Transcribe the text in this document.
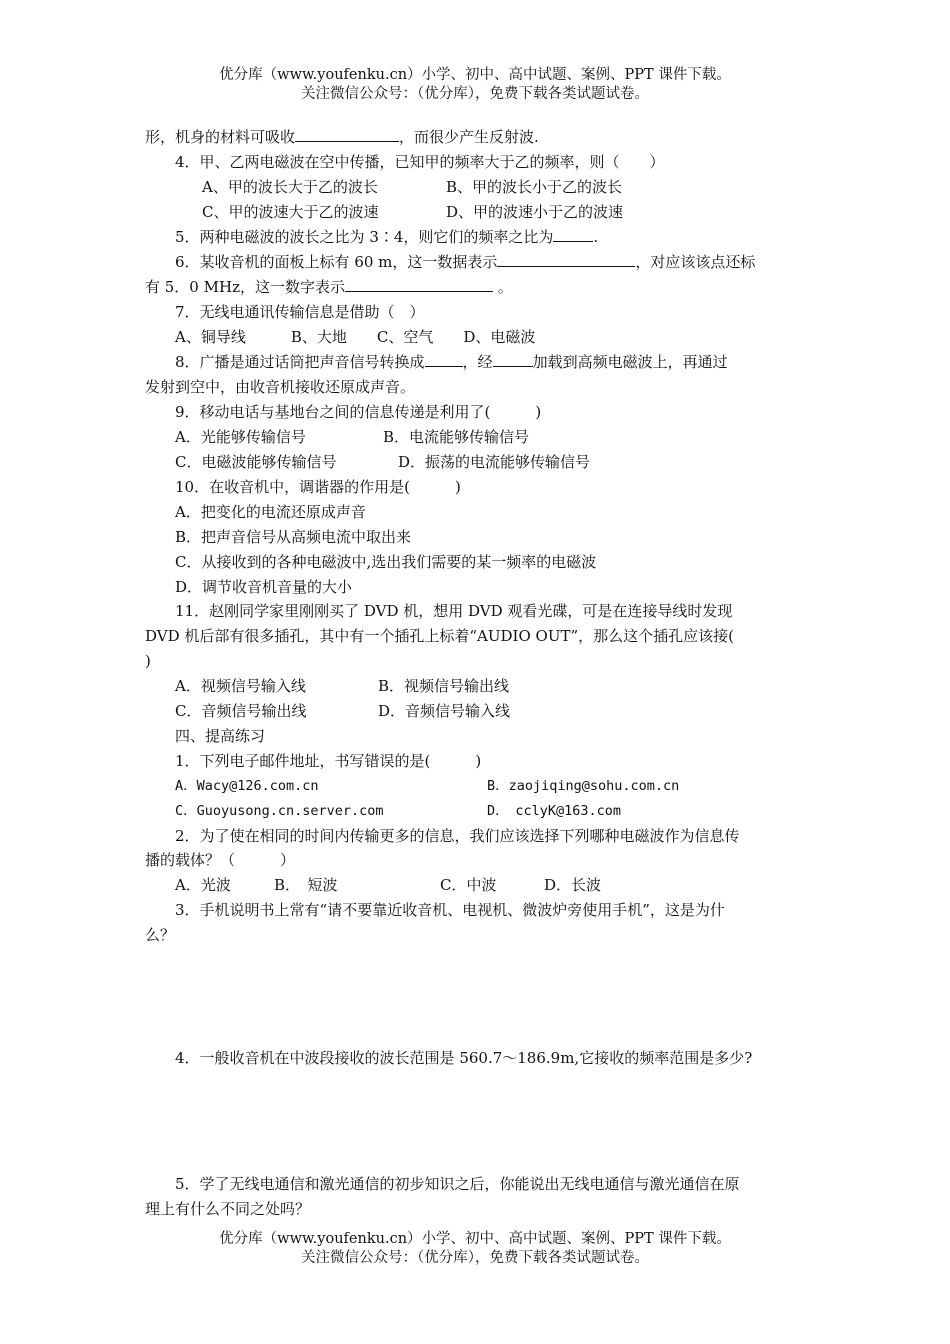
优分库（www.youfenku.cn）小学、初中、高中试题、案例、PPT 课件下载。
关注微信公众号：（优分库），免费下载各类试题试卷。
形，机身的材料可吸收	，而很少产生反射波.
4．甲、乙两电磁波在空中传播，已知甲的频率大于乙的频率，则（　　）
A、甲的波长大于乙的波长	B、甲的波长小于乙的波长
C、甲的波速大于乙的波速	D、甲的波速小于乙的波速
5．两种电磁波的波长之比为 3∶4，则它们的频率之比为	.
6．某收音机的面板上标有 60 m，这一数据表示	，对应该该点还标
有 5．0 MHz，这一数字表示	。
7．无线电通讯传输信息是借助（　）
A、铜导线　　　B、大地　　C、空气　　D、电磁波
8．广播是通过话筒把声音信号转换成	，经	加载到高频电磁波上，再通过
发射到空中，由收音机接收还原成声音。
9．移动电话与基地台之间的信息传递是利用了(　　　)
A．光能够传输信号	B．电流能够传输信号
C．电磁波能够传输信号	D．振荡的电流能够传输信号
10．在收音机中，调谐器的作用是(　　　)
A．把变化的电流还原成声音
B．把声音信号从高频电流中取出来
C．从接收到的各种电磁波中,选出我们需要的某一频率的电磁波
D．调节收音机音量的大小
11．赵刚同学家里刚刚买了 DVD 机，想用 DVD 观看光碟，可是在连接导线时发现
DVD 机后部有很多插孔，其中有一个插孔上标着“AUDIO OUT”，那么这个插孔应该接(
)
A．视频信号输入线	B．视频信号输出线
C．音频信号输出线	D．音频信号输入线
四、提高练习
1．下列电子邮件地址，书写错误的是(　　　)
A．Wacy@126.com.cn	B．zaojiqing@sohu.com.cn
C．Guoyusong.cn.server.com	D．　cclyK@163.com
2．为了使在相同的时间内传输更多的信息，我们应该选择下列哪种电磁波作为信息传
播的载体？（　　　）
A．光波	B．　短波	C．中波	D．长波
3．手机说明书上常有“请不要靠近收音机、电视机、微波炉旁使用手机”，这是为什
么？
4．一般收音机在中波段接收的波长范围是 560.7～186.9m,它接收的频率范围是多少?
5．学了无线电通信和激光通信的初步知识之后，你能说出无线电通信与激光通信在原
理上有什么不同之处吗？
优分库（www.youfenku.cn）小学、初中、高中试题、案例、PPT 课件下载。
关注微信公众号：（优分库），免费下载各类试题试卷。
